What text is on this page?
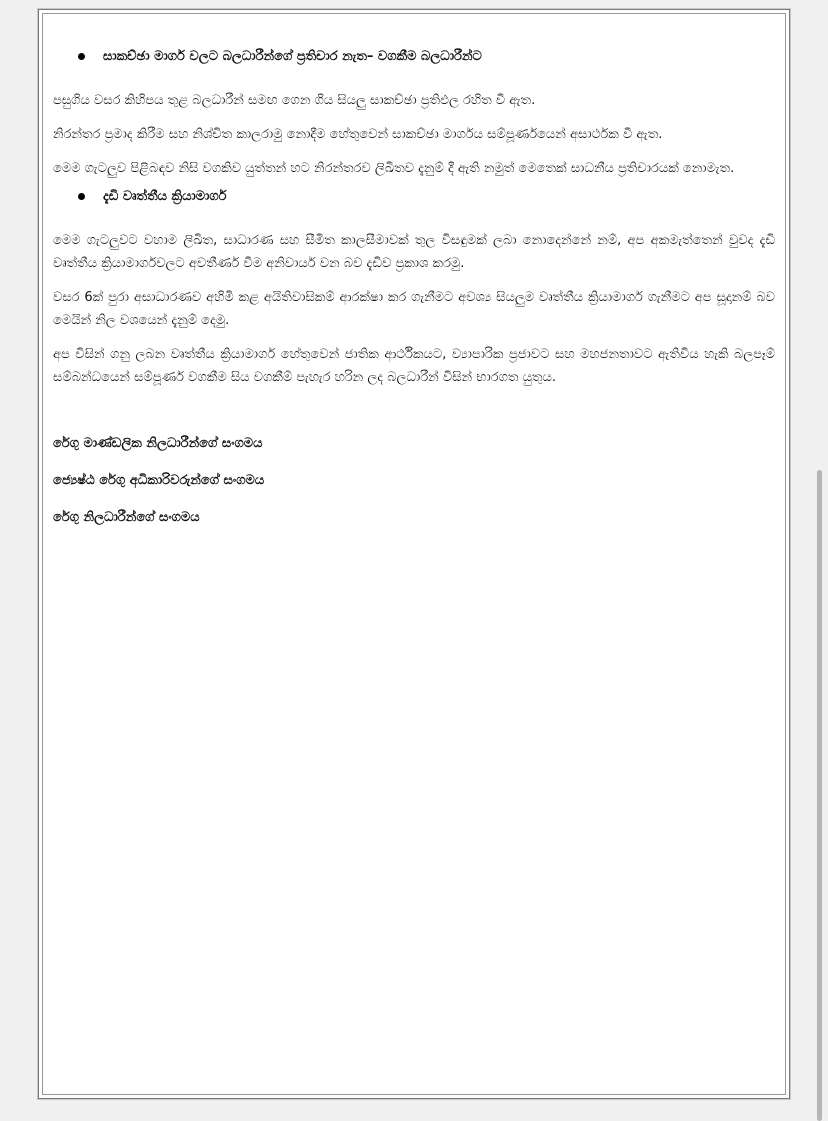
සාකච්ඡා මාර්ග වලට බලධාරීන්ගේ ප්‍රතිචාර නැත– වගකීම බලධාරීන්ට

පසුගිය වසර කිහිපය තුළ බලධාරීන් සමඟ ගෙන ගිය සියලු සාකච්ඡා ප්‍රතිඵල රහිත වී ඇත.

නිරන්තර ප්‍රමාද කිරීම සහ නිශ්චිත කාලරාමු නොදීම හේතුවෙන් සාකච්ඡා මාර්ගය සම්පූර්ණයෙන් අසාර්ථක වී ඇත.

මෙම ගැටලුව පිළිබඳව නිසි වගකිව යුත්තන් හට නිරන්තරව ලිඛිතව දැනුම් දී ඇති නමුත් මෙතෙක් සාධනීය ප්‍රතිචාරයක් නොමැත.

දැඩි වෘත්තීය ක්‍රියාමාර්ග

මෙම ගැටලුවට වහාම ලිඛිත, සාධාරණ සහ සීමිත කාලසීමාවක් තුල විසඳුමක් ලබා නොදෙන්නේ නම්, අප අකමැත්තෙන් වුවද දැඩි වෘත්තීය ක්‍රියාමාර්ගවලට අවතීර්ණ වීම අනිවාර්ය වන බව දැඩිව ප්‍රකාශ කරමු.

වසර 6ක් පුරා අසාධාරණව අහිමි කළ අයිතිවාසිකම් ආරක්ෂා කර ගැනීමට අවශ්‍ය සියලුම වෘත්තීය ක්‍රියාමාර්ග ගැනීමට අප සූදානම් බව මෙයින් නිල වශයෙන් දැනුම් දෙමු.

අප විසින් ගනු ලබන වෘත්තීය ක්‍රියාමාර්ග හේතුවෙන් ජාතික ආර්ථිකයට, ව්‍යාපාරික ප්‍රජාවට සහ මහජනතාවට ඇතිවිය හැකි බලපෑම් සම්බන්ධයෙන් සම්පූර්ණ වගකීම සිය වගකීම් පැහැර හරින ලද බලධාරීන් විසින් භාරගත යුතුය.

රේගු මාණ්ඩලික නිලධාරීන්ගේ සංගමය

ජ්‍යෙෂ්ඨ රේගු අධිකාරිවරුන්ගේ සංගමය

රේගු නිලධාරීන්ගේ සංගමය
